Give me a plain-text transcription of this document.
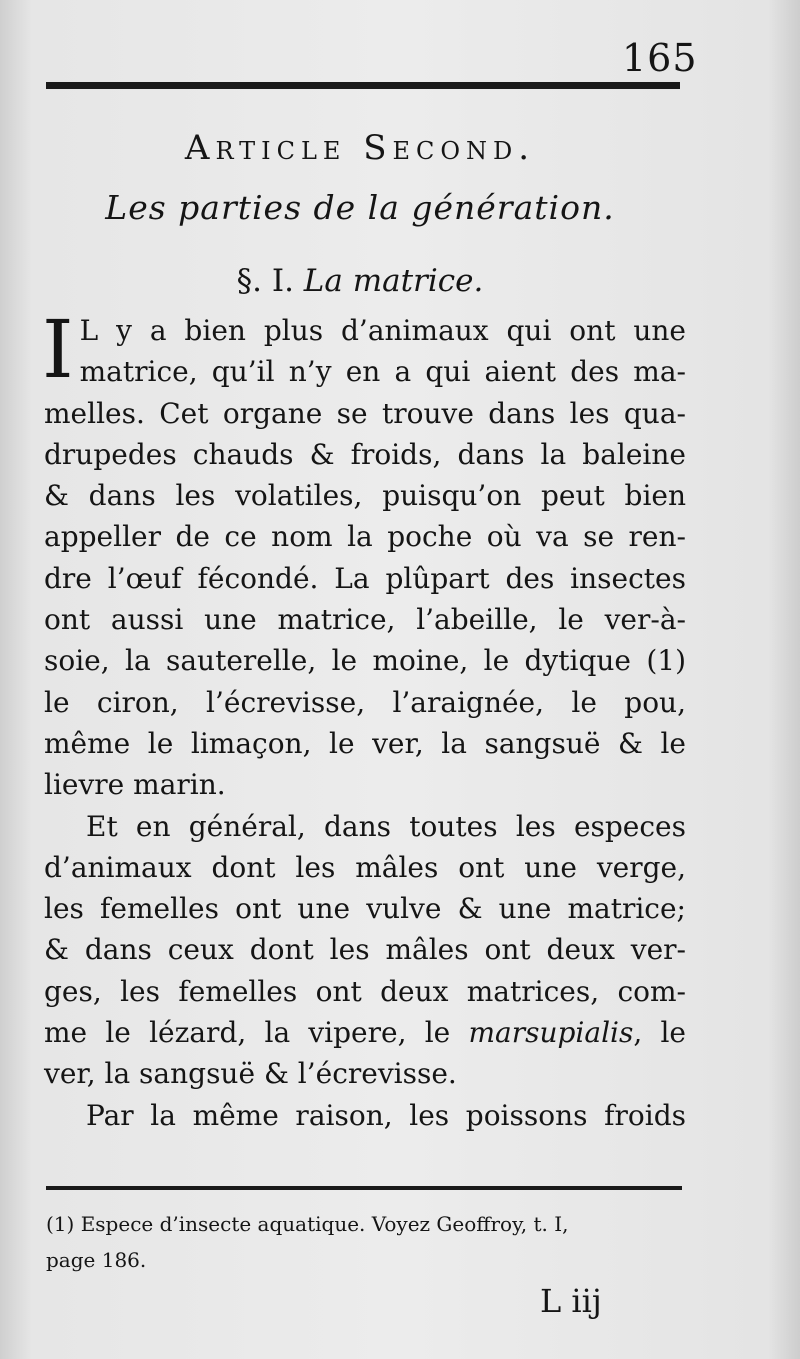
165
Article Second.
Les parties de la génération.
§. I. La matrice.
I L y a bien plus d’animaux qui ont une
matrice, qu’il n’y en a qui aient des ma-
melles. Cet organe se trouve dans les qua-
drupedes chauds & froids, dans la baleine
& dans les volatiles, puisqu’on peut bien
appeller de ce nom la poche où va se ren-
dre l’œuf fécondé. La plûpart des insectes
ont aussi une matrice, l’abeille, le ver-à-
soie, la sauterelle, le moine, le dytique (1)
le ciron, l’écrevisse, l’araignée, le pou,
même le limaçon, le ver, la sangsuë & le
lievre marin.
Et en général, dans toutes les especes
d’animaux dont les mâles ont une verge,
les femelles ont une vulve & une matrice;
& dans ceux dont les mâles ont deux ver-
ges, les femelles ont deux matrices, com-
me le lézard, la vipere, le marsupialis, le
ver, la sangsuë & l’écrevisse.
Par la même raison, les poissons froids
(1) Espece d’insecte aquatique. Voyez Geoffroy, t. I,
page 186.
L iij
